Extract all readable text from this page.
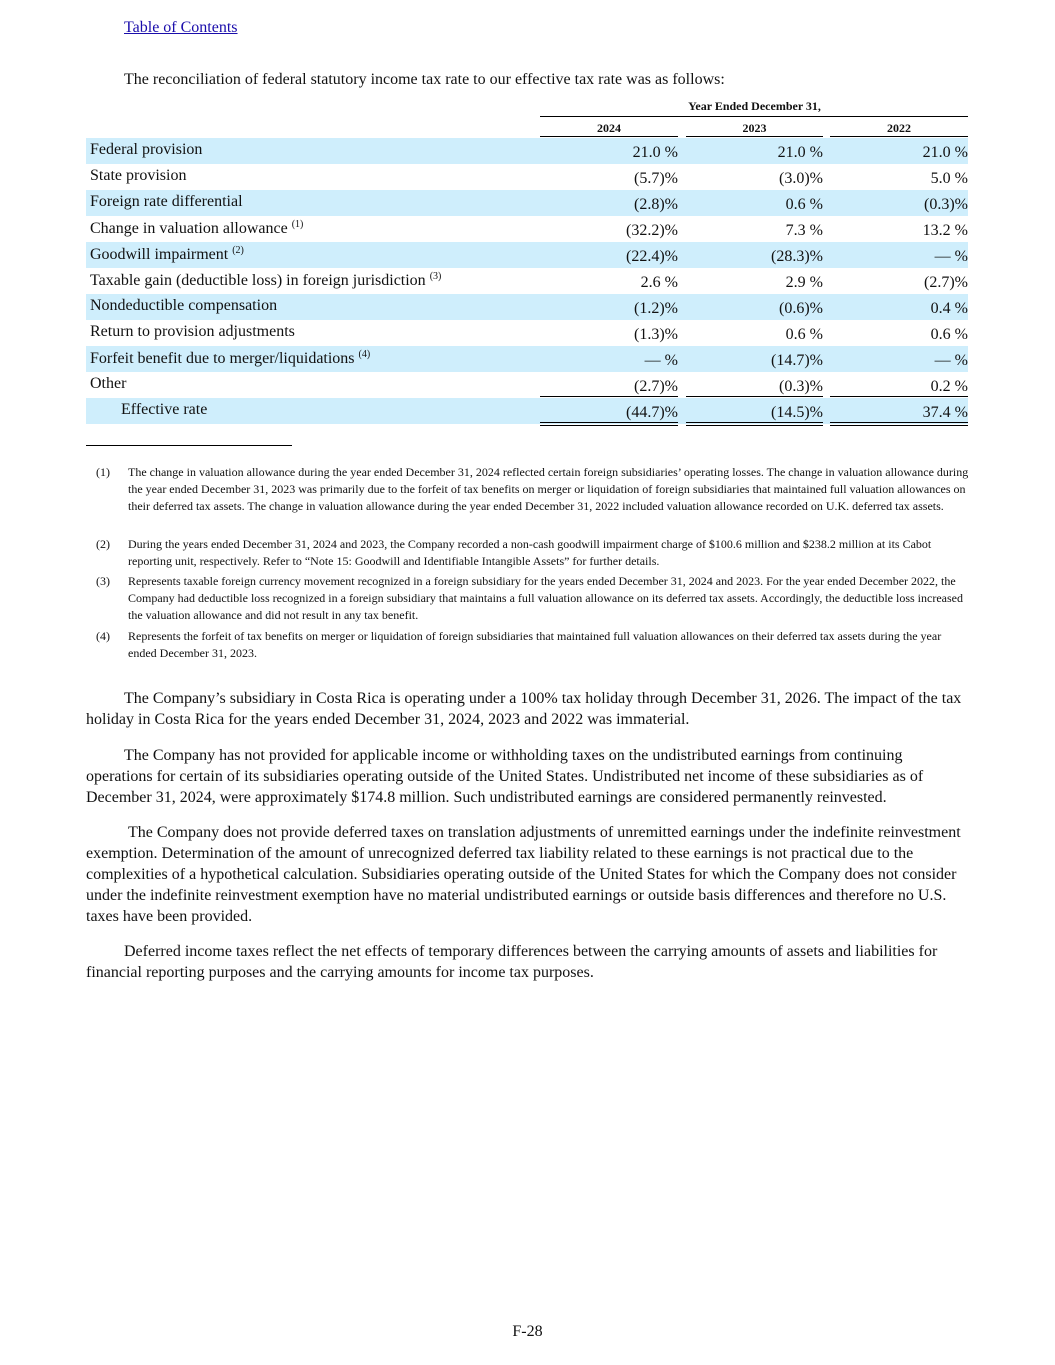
Table of Contents
The reconciliation of federal statutory income tax rate to our effective tax rate was as follows:
Year Ended December 31,
2024	2023	2022
Federal provision	21.0 %	21.0 %	21.0 %
State provision	(5.7)%	(3.0)%	5.0 %
Foreign rate differential	(2.8)%	0.6 %	(0.3)%
Change in valuation allowance $^{(1)}$	(32.2)%	7.3 %	13.2 %
Goodwill impairment $^{(2)}$	(22.4)%	(28.3)%	— %
Taxable gain (deductible loss) in foreign jurisdiction $^{(3)}$	2.6 %	2.9 %	(2.7)%
Nondeductible compensation	(1.2)%	(0.6)%	0.4 %
Return to provision adjustments	(1.3)%	0.6 %	0.6 %
Forfeit benefit due to merger/liquidations $^{(4)}$	— %	(14.7)%	— %
Other	(2.7)%	(0.3)%	0.2 %
Effective rate	(44.7)%	(14.5)%	37.4 %
(1) The change in valuation allowance during the year ended December 31, 2024 reflected certain foreign subsidiaries’ operating losses. The change in valuation allowance during the year ended December 31, 2023 was primarily due to the forfeit of tax benefits on merger or liquidation of foreign subsidiaries that maintained full valuation allowances on their deferred tax assets. The change in valuation allowance during the year ended December 31, 2022 included valuation allowance recorded on U.K. deferred tax assets.
(2) During the years ended December 31, 2024 and 2023, the Company recorded a non-cash goodwill impairment charge of $100.6 million and $238.2 million at its Cabot reporting unit, respectively. Refer to “Note 15: Goodwill and Identifiable Intangible Assets” for further details.
(3) Represents taxable foreign currency movement recognized in a foreign subsidiary for the years ended December 31, 2024 and 2023. For the year ended December 2022, the Company had deductible loss recognized in a foreign subsidiary that maintains a full valuation allowance on its deferred tax assets. Accordingly, the deductible loss increased the valuation allowance and did not result in any tax benefit.
(4) Represents the forfeit of tax benefits on merger or liquidation of foreign subsidiaries that maintained full valuation allowances on their deferred tax assets during the year ended December 31, 2023.
The Company’s subsidiary in Costa Rica is operating under a 100% tax holiday through December 31, 2026. The impact of the tax holiday in Costa Rica for the years ended December 31, 2024, 2023 and 2022 was immaterial.
The Company has not provided for applicable income or withholding taxes on the undistributed earnings from continuing operations for certain of its subsidiaries operating outside of the United States. Undistributed net income of these subsidiaries as of December 31, 2024, were approximately $174.8 million. Such undistributed earnings are considered permanently reinvested.
The Company does not provide deferred taxes on translation adjustments of unremitted earnings under the indefinite reinvestment exemption. Determination of the amount of unrecognized deferred tax liability related to these earnings is not practical due to the complexities of a hypothetical calculation. Subsidiaries operating outside of the United States for which the Company does not consider under the indefinite reinvestment exemption have no material undistributed earnings or outside basis differences and therefore no U.S. taxes have been provided.
Deferred income taxes reflect the net effects of temporary differences between the carrying amounts of assets and liabilities for financial reporting purposes and the carrying amounts for income tax purposes.
F-28
